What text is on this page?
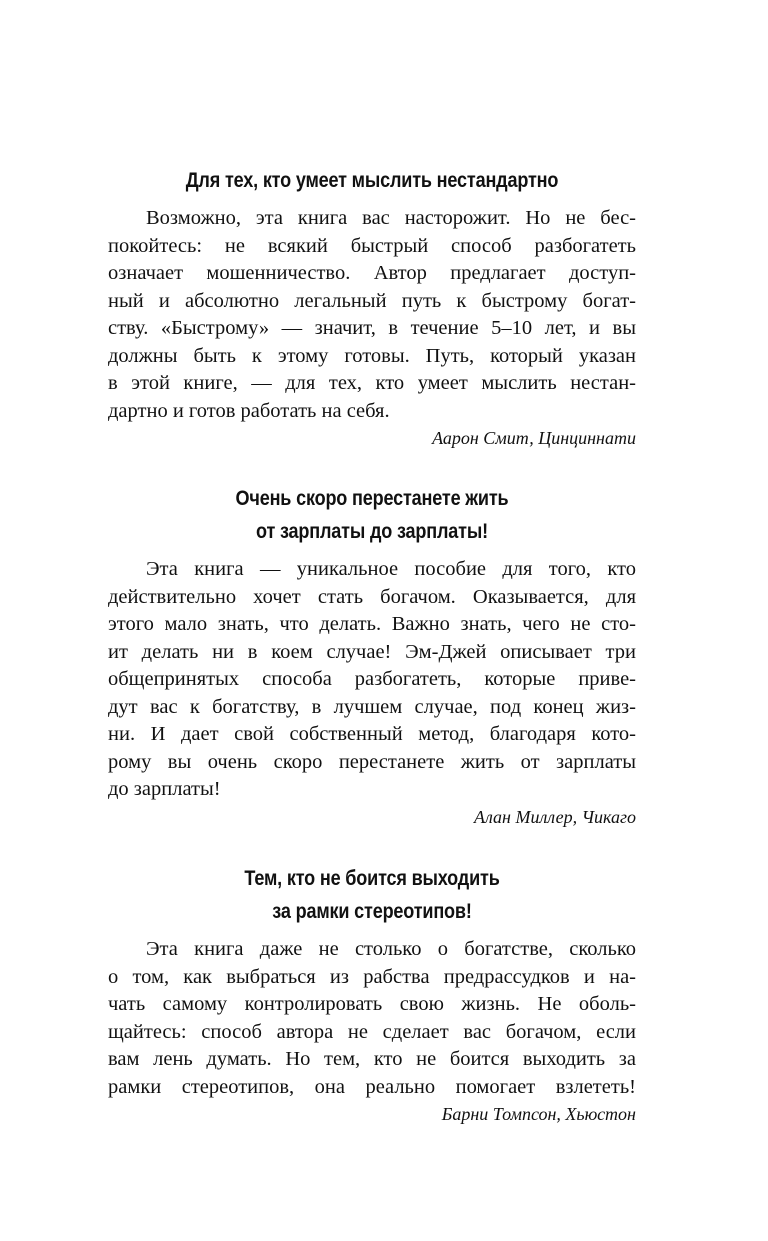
Для тех, кто умеет мыслить нестандартно
Возможно, эта книга вас насторожит. Но не бес-
покойтесь: не всякий быстрый способ разбогатеть
означает мошенничество. Автор предлагает доступ-
ный и абсолютно легальный путь к быстрому богат-
ству. «Быстрому» — значит, в течение 5–10 лет, и вы
должны быть к этому готовы. Путь, который указан
в этой книге, — для тех, кто умеет мыслить нестан-
дартно и готов работать на себя.
Аарон Смит, Цинциннати
Очень скоро перестанете жить
от зарплаты до зарплаты!
Эта книга — уникальное пособие для того, кто
действительно хочет стать богачом. Оказывается, для
этого мало знать, что делать. Важно знать, чего не сто-
ит делать ни в коем случае! Эм-Джей описывает три
общепринятых способа разбогатеть, которые приве-
дут вас к богатству, в лучшем случае, под конец жиз-
ни. И дает свой собственный метод, благодаря кото-
рому вы очень скоро перестанете жить от зарплаты
до зарплаты!
Алан Миллер, Чикаго
Тем, кто не боится выходить
за рамки стереотипов!
Эта книга даже не столько о богатстве, сколько
о том, как выбраться из рабства предрассудков и на-
чать самому контролировать свою жизнь. Не оболь-
щайтесь: способ автора не сделает вас богачом, если
вам лень думать. Но тем, кто не боится выходить за
рамки стереотипов, она реально помогает взлететь!
Барни Томпсон, Хьюстон
